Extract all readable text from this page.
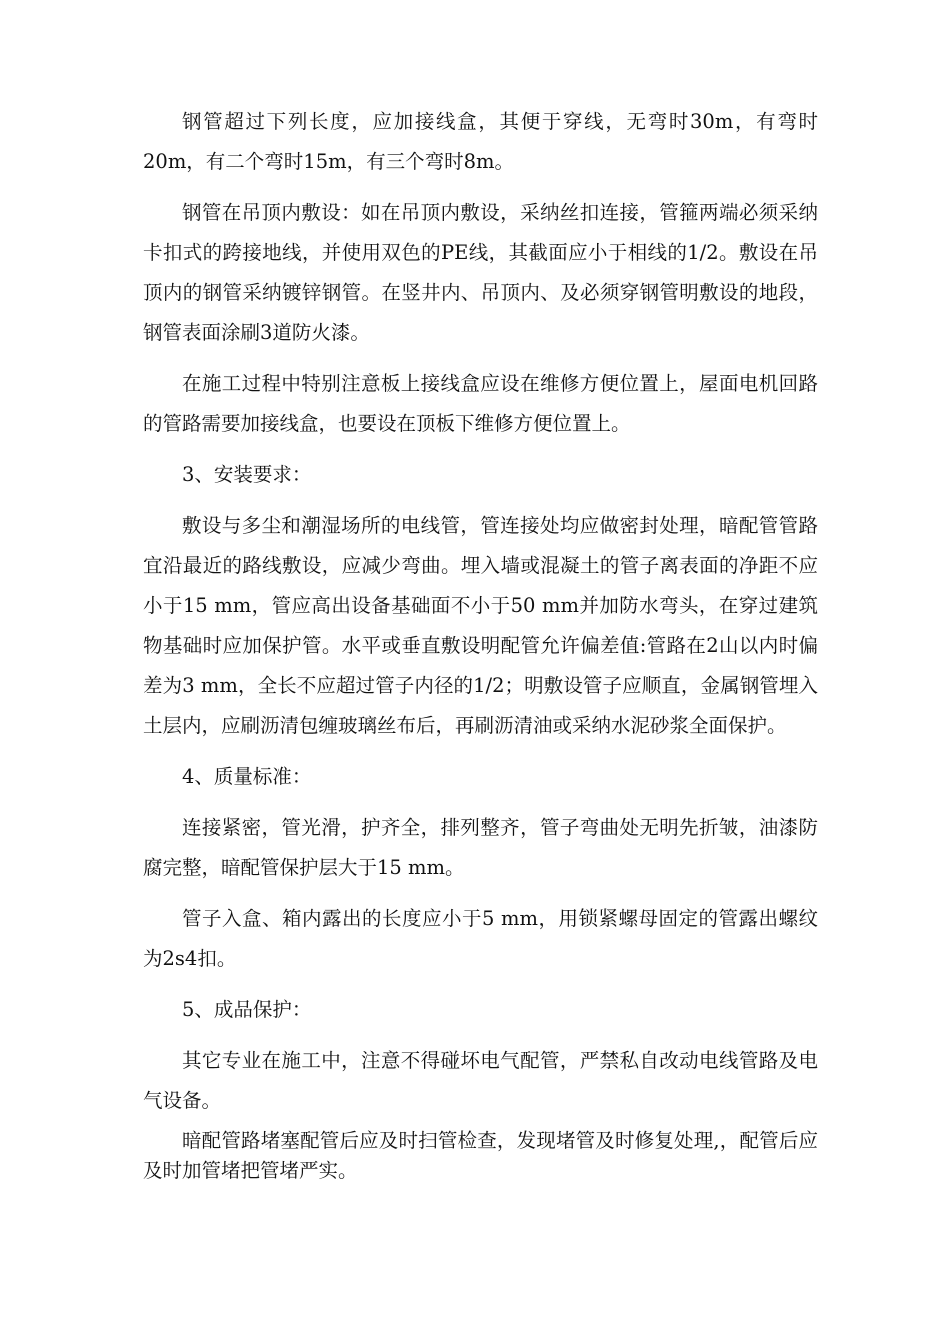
钢管超过下列长度，应加接线盒，其便于穿线，无弯时30m，有弯时20m，有二个弯时15m，有三个弯时8m。

钢管在吊顶内敷设：如在吊顶内敷设，采纳丝扣连接，管箍两端必须采纳卡扣式的跨接地线，并使用双色的PE线，其截面应小于相线的1/2。敷设在吊顶内的钢管采纳镀锌钢管。在竖井内、吊顶内、及必须穿钢管明敷设的地段，钢管表面涂刷3道防火漆。

在施工过程中特别注意板上接线盒应设在维修方便位置上，屋面电机回路的管路需要加接线盒，也要设在顶板下维修方便位置上。

3、安装要求：

敷设与多尘和潮湿场所的电线管，管连接处均应做密封处理，暗配管管路宜沿最近的路线敷设，应减少弯曲。埋入墙或混凝土的管子离表面的净距不应小于15 mm，管应高出设备基础面不小于50 mm并加防水弯头，在穿过建筑物基础时应加保护管。水平或垂直敷设明配管允许偏差值:管路在2山以内时偏差为3 mm，全长不应超过管子内径的1/2；明敷设管子应顺直，金属钢管埋入土层内，应刷沥清包缠玻璃丝布后，再刷沥清油或采纳水泥砂浆全面保护。

4、质量标准：

连接紧密，管光滑，护齐全，排列整齐，管子弯曲处无明先折皱，油漆防腐完整，暗配管保护层大于15 mm。

管子入盒、箱内露出的长度应小于5 mm，用锁紧螺母固定的管露出螺纹为2s4扣。

5、成品保护：

其它专业在施工中，注意不得碰坏电气配管，严禁私自改动电线管路及电气设备。

暗配管路堵塞配管后应及时扫管检查，发现堵管及时修复处理,，配管后应及时加管堵把管堵严实。
